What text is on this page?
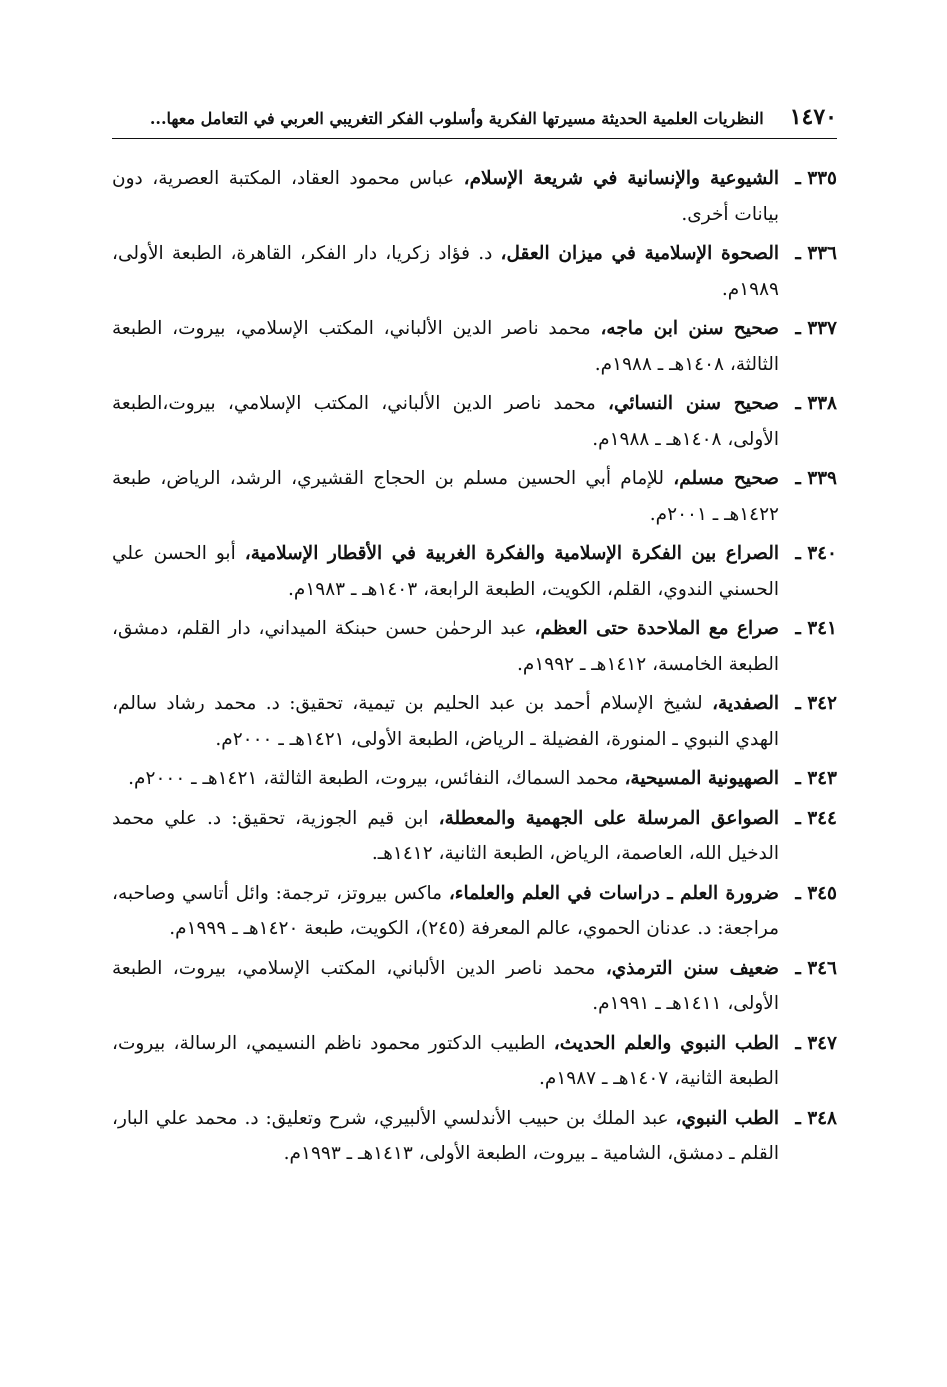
١٤٧٠
النظريات العلمية الحديثة مسيرتها الفكرية وأسلوب الفكر التغريبي العربي في التعامل معها...
٣٣٥ ـ
الشيوعية والإنسانية في شريعة الإسلام، عباس محمود العقاد، المكتبة العصرية، دون بيانات أخرى.
٣٣٦ ـ
الصحوة الإسلامية في ميزان العقل، د. فؤاد زكريا، دار الفكر، القاهرة، الطبعة الأولى، ١٩٨٩م.
٣٣٧ ـ
صحيح سنن ابن ماجه، محمد ناصر الدين الألباني، المكتب الإسلامي، بيروت، الطبعة الثالثة، ١٤٠٨هـ ـ ١٩٨٨م.
٣٣٨ ـ
صحيح سنن النسائي، محمد ناصر الدين الألباني، المكتب الإسلامي، بيروت،الطبعة الأولى، ١٤٠٨هـ ـ ١٩٨٨م.
٣٣٩ ـ
صحيح مسلم، للإمام أبي الحسين مسلم بن الحجاج القشيري، الرشد، الرياض، طبعة ١٤٢٢هـ ـ ٢٠٠١م.
٣٤٠ ـ
الصراع بين الفكرة الإسلامية والفكرة الغربية في الأقطار الإسلامية، أبو الحسن علي الحسني الندوي، القلم، الكويت، الطبعة الرابعة، ١٤٠٣هـ ـ ١٩٨٣م.
٣٤١ ـ
صراع مع الملاحدة حتى العظم، عبد الرحمٰن حسن حبنكة الميداني، دار القلم، دمشق، الطبعة الخامسة، ١٤١٢هـ ـ ١٩٩٢م.
٣٤٢ ـ
الصفدية، لشيخ الإسلام أحمد بن عبد الحليم بن تيمية، تحقيق: د. محمد رشاد سالم، الهدي النبوي ـ المنورة، الفضيلة ـ الرياض، الطبعة الأولى، ١٤٢١هـ ـ ٢٠٠٠م.
٣٤٣ ـ
الصهيونية المسيحية، محمد السماك، النفائس، بيروت، الطبعة الثالثة، ١٤٢١هـ ـ ٢٠٠٠م.
٣٤٤ ـ
الصواعق المرسلة على الجهمية والمعطلة، ابن قيم الجوزية، تحقيق: د. علي محمد الدخيل الله، العاصمة، الرياض، الطبعة الثانية، ١٤١٢هـ.
٣٤٥ ـ
ضرورة العلم ـ دراسات في العلم والعلماء، ماكس بيروتز، ترجمة: وائل أتاسي وصاحبه، مراجعة: د. عدنان الحموي، عالم المعرفة (٢٤٥)، الكويت، طبعة ١٤٢٠هـ ـ ١٩٩٩م.
٣٤٦ ـ
ضعيف سنن الترمذي، محمد ناصر الدين الألباني، المكتب الإسلامي، بيروت، الطبعة الأولى، ١٤١١هـ ـ ١٩٩١م.
٣٤٧ ـ
الطب النبوي والعلم الحديث، الطبيب الدكتور محمود ناظم النسيمي، الرسالة، بيروت، الطبعة الثانية، ١٤٠٧هـ ـ ١٩٨٧م.
٣٤٨ ـ
الطب النبوي، عبد الملك بن حبيب الأندلسي الألبيري، شرح وتعليق: د. محمد علي البار، القلم ـ دمشق، الشامية ـ بيروت، الطبعة الأولى، ١٤١٣هـ ـ ١٩٩٣م.
